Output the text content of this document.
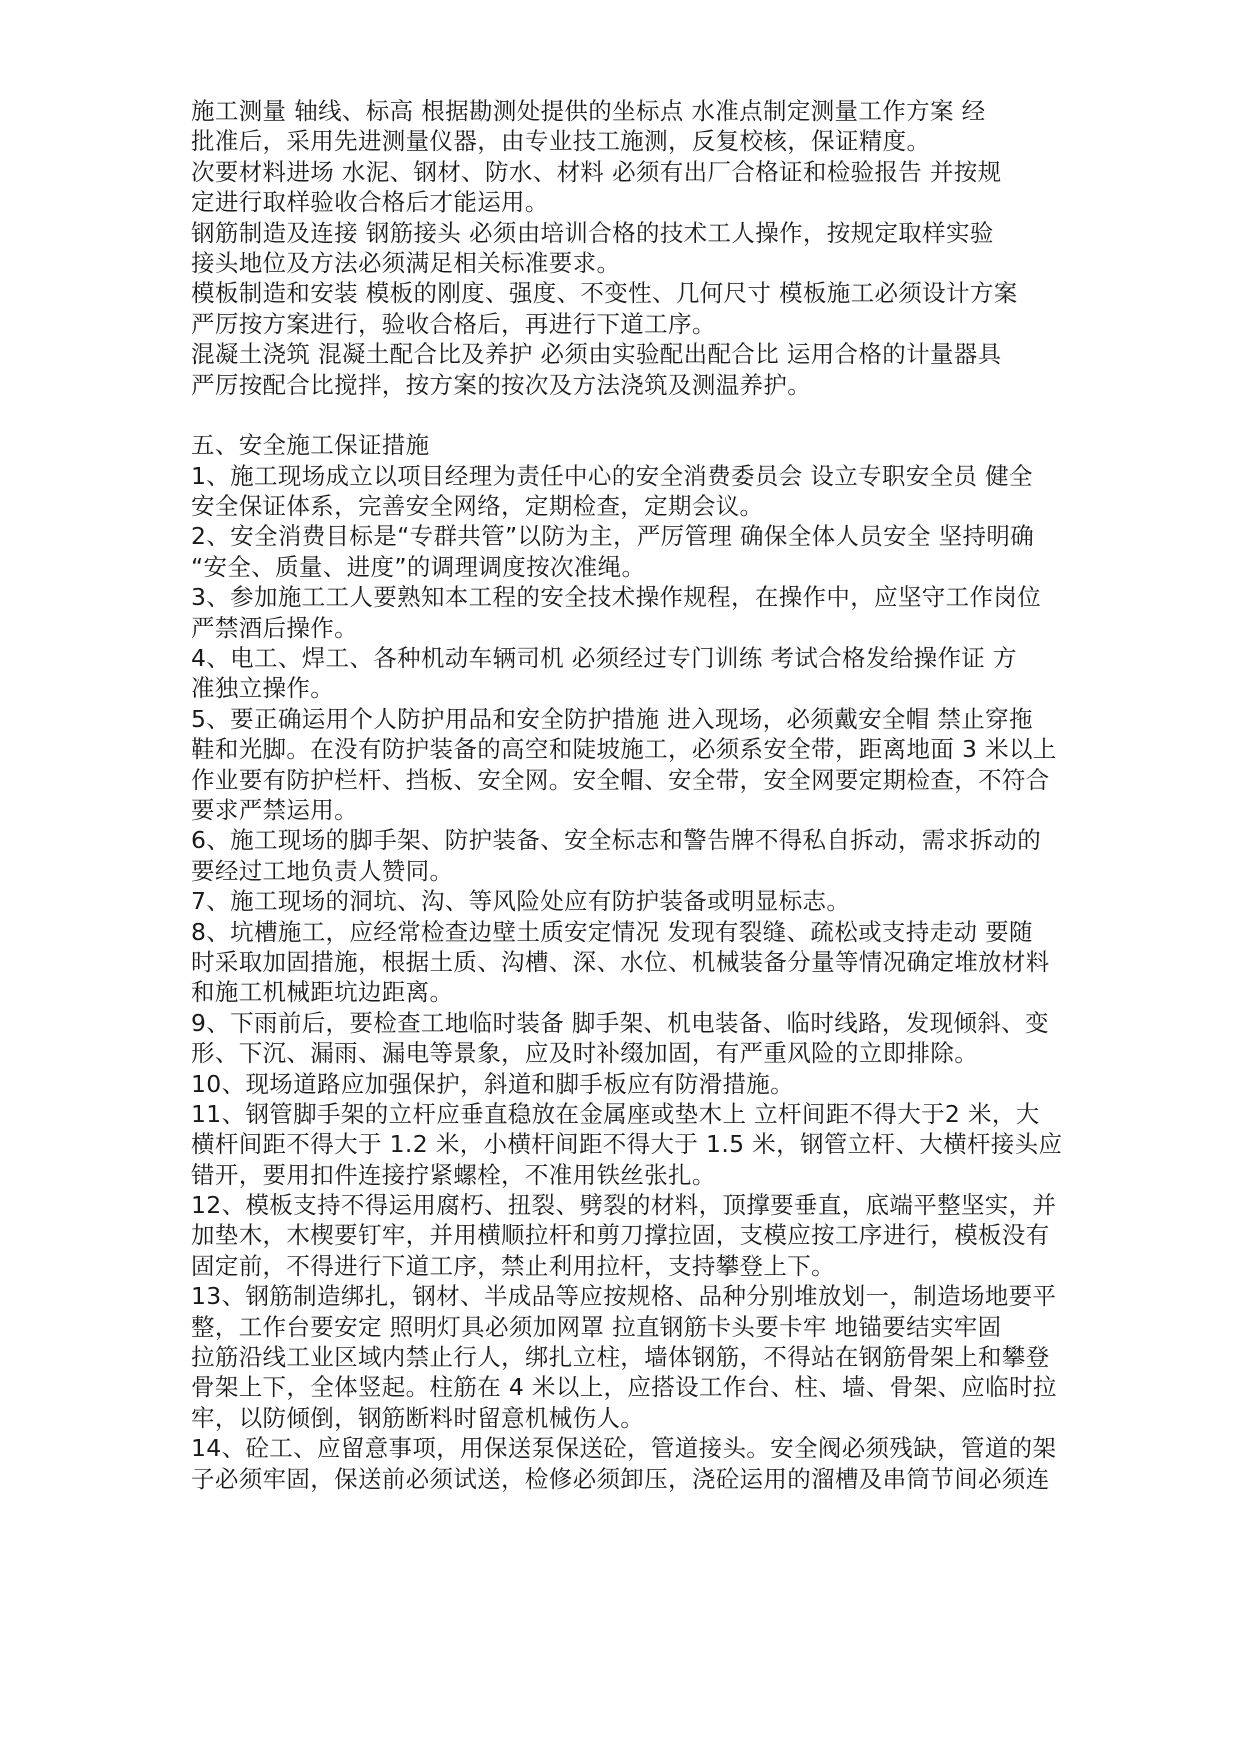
施工测量 轴线、标高 根据勘测处提供的坐标点 水准点制定测量工作方案 经
批准后，采用先进测量仪器，由专业技工施测，反复校核，保证精度。
次要材料进场 水泥、钢材、防水、材料 必须有出厂合格证和检验报告 并按规
定进行取样验收合格后才能运用。
钢筋制造及连接 钢筋接头 必须由培训合格的技术工人操作，按规定取样实验
接头地位及方法必须满足相关标准要求。
模板制造和安装 模板的刚度、强度、不变性、几何尺寸 模板施工必须设计方案
严厉按方案进行，验收合格后，再进行下道工序。
混凝土浇筑 混凝土配合比及养护 必须由实验配出配合比 运用合格的计量器具
严厉按配合比搅拌，按方案的按次及方法浇筑及测温养护。
五、安全施工保证措施
1、施工现场成立以项目经理为责任中心的安全消费委员会 设立专职安全员 健全
安全保证体系，完善安全网络，定期检查，定期会议。
2、安全消费目标是“专群共管”以防为主，严厉管理 确保全体人员安全 坚持明确
“安全、质量、进度”的调理调度按次准绳。
3、参加施工工人要熟知本工程的安全技术操作规程，在操作中，应坚守工作岗位
严禁酒后操作。
4、电工、焊工、各种机动车辆司机 必须经过专门训练 考试合格发给操作证 方
准独立操作。
5、要正确运用个人防护用品和安全防护措施 进入现场，必须戴安全帽 禁止穿拖
鞋和光脚。在没有防护装备的高空和陡坡施工，必须系安全带，距离地面 3 米以上
作业要有防护栏杆、挡板、安全网。安全帽、安全带，安全网要定期检查，不符合
要求严禁运用。
6、施工现场的脚手架、防护装备、安全标志和警告牌不得私自拆动，需求拆动的
要经过工地负责人赞同。
7、施工现场的洞坑、沟、等风险处应有防护装备或明显标志。
8、坑槽施工，应经常检查边壁土质安定情况 发现有裂缝、疏松或支持走动 要随
时采取加固措施，根据土质、沟槽、深、水位、机械装备分量等情况确定堆放材料
和施工机械距坑边距离。
9、下雨前后，要检查工地临时装备 脚手架、机电装备、临时线路，发现倾斜、变
形、下沉、漏雨、漏电等景象，应及时补缀加固，有严重风险的立即排除。
10、现场道路应加强保护，斜道和脚手板应有防滑措施。
11、钢管脚手架的立杆应垂直稳放在金属座或垫木上 立杆间距不得大于2 米，大
横杆间距不得大于 1.2 米，小横杆间距不得大于 1.5 米，钢管立杆、大横杆接头应
错开，要用扣件连接拧紧螺栓，不准用铁丝张扎。
12、模板支持不得运用腐朽、扭裂、劈裂的材料，顶撑要垂直，底端平整坚实，并
加垫木，木楔要钉牢，并用横顺拉杆和剪刀撑拉固，支模应按工序进行，模板没有
固定前，不得进行下道工序，禁止利用拉杆，支持攀登上下。
13、钢筋制造绑扎，钢材、半成品等应按规格、品种分别堆放划一，制造场地要平
整，工作台要安定 照明灯具必须加网罩 拉直钢筋卡头要卡牢 地锚要结实牢固
拉筋沿线工业区域内禁止行人，绑扎立柱，墙体钢筋，不得站在钢筋骨架上和攀登
骨架上下，全体竖起。柱筋在 4 米以上，应搭设工作台、柱、墙、骨架、应临时拉
牢，以防倾倒，钢筋断料时留意机械伤人。
14、砼工、应留意事项，用保送泵保送砼，管道接头。安全阀必须残缺，管道的架
子必须牢固，保送前必须试送，检修必须卸压，浇砼运用的溜槽及串筒节间必须连
